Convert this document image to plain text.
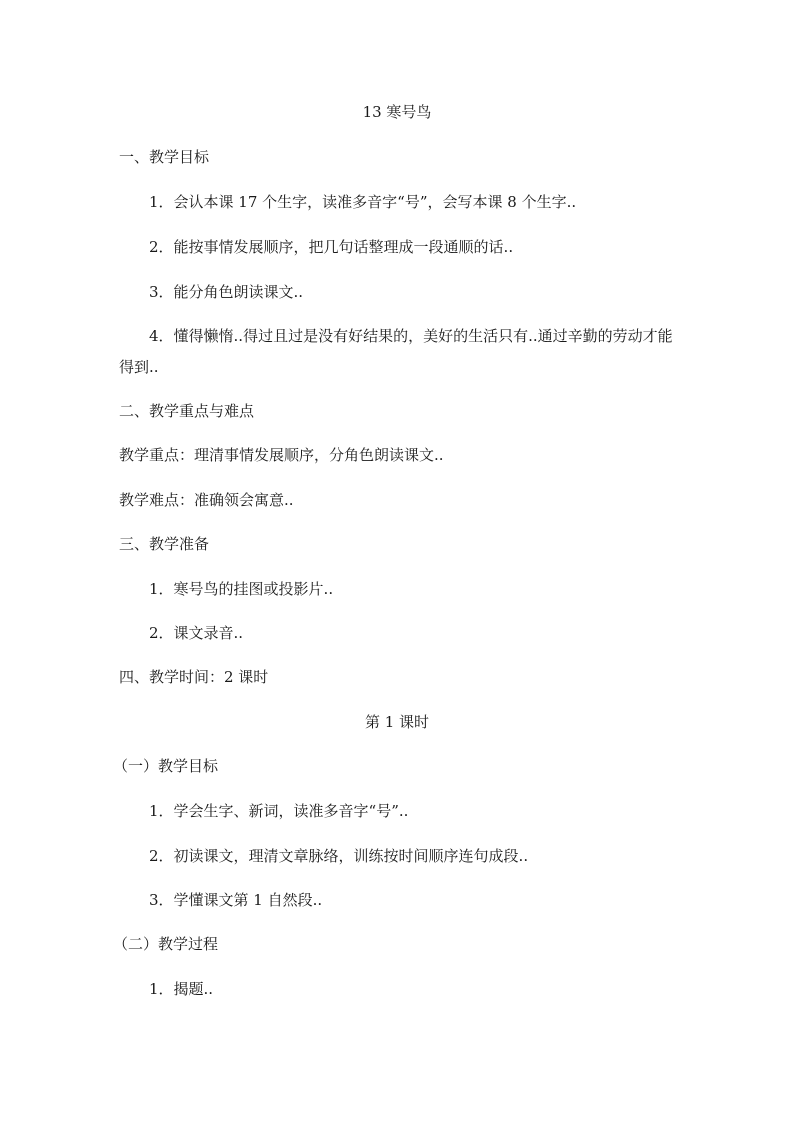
13 寒号鸟
一、教学目标
1．会认本课 17 个生字，读准多音字“号”，会写本课 8 个生字..
2．能按事情发展顺序，把几句话整理成一段通顺的话..
3．能分角色朗读课文..
4．懂得懒惰..得过且过是没有好结果的，美好的生活只有..通过辛勤的劳动才能得到..
二、教学重点与难点
教学重点：理清事情发展顺序，分角色朗读课文..
教学难点：准确领会寓意..
三、教学准备
1．寒号鸟的挂图或投影片..
2．课文录音..
四、教学时间：2 课时
第 1 课时
（一）教学目标
1．学会生字、新词，读准多音字“号”..
2．初读课文，理清文章脉络，训练按时间顺序连句成段..
3．学懂课文第 1 自然段..
（二）教学过程
1．揭题..
